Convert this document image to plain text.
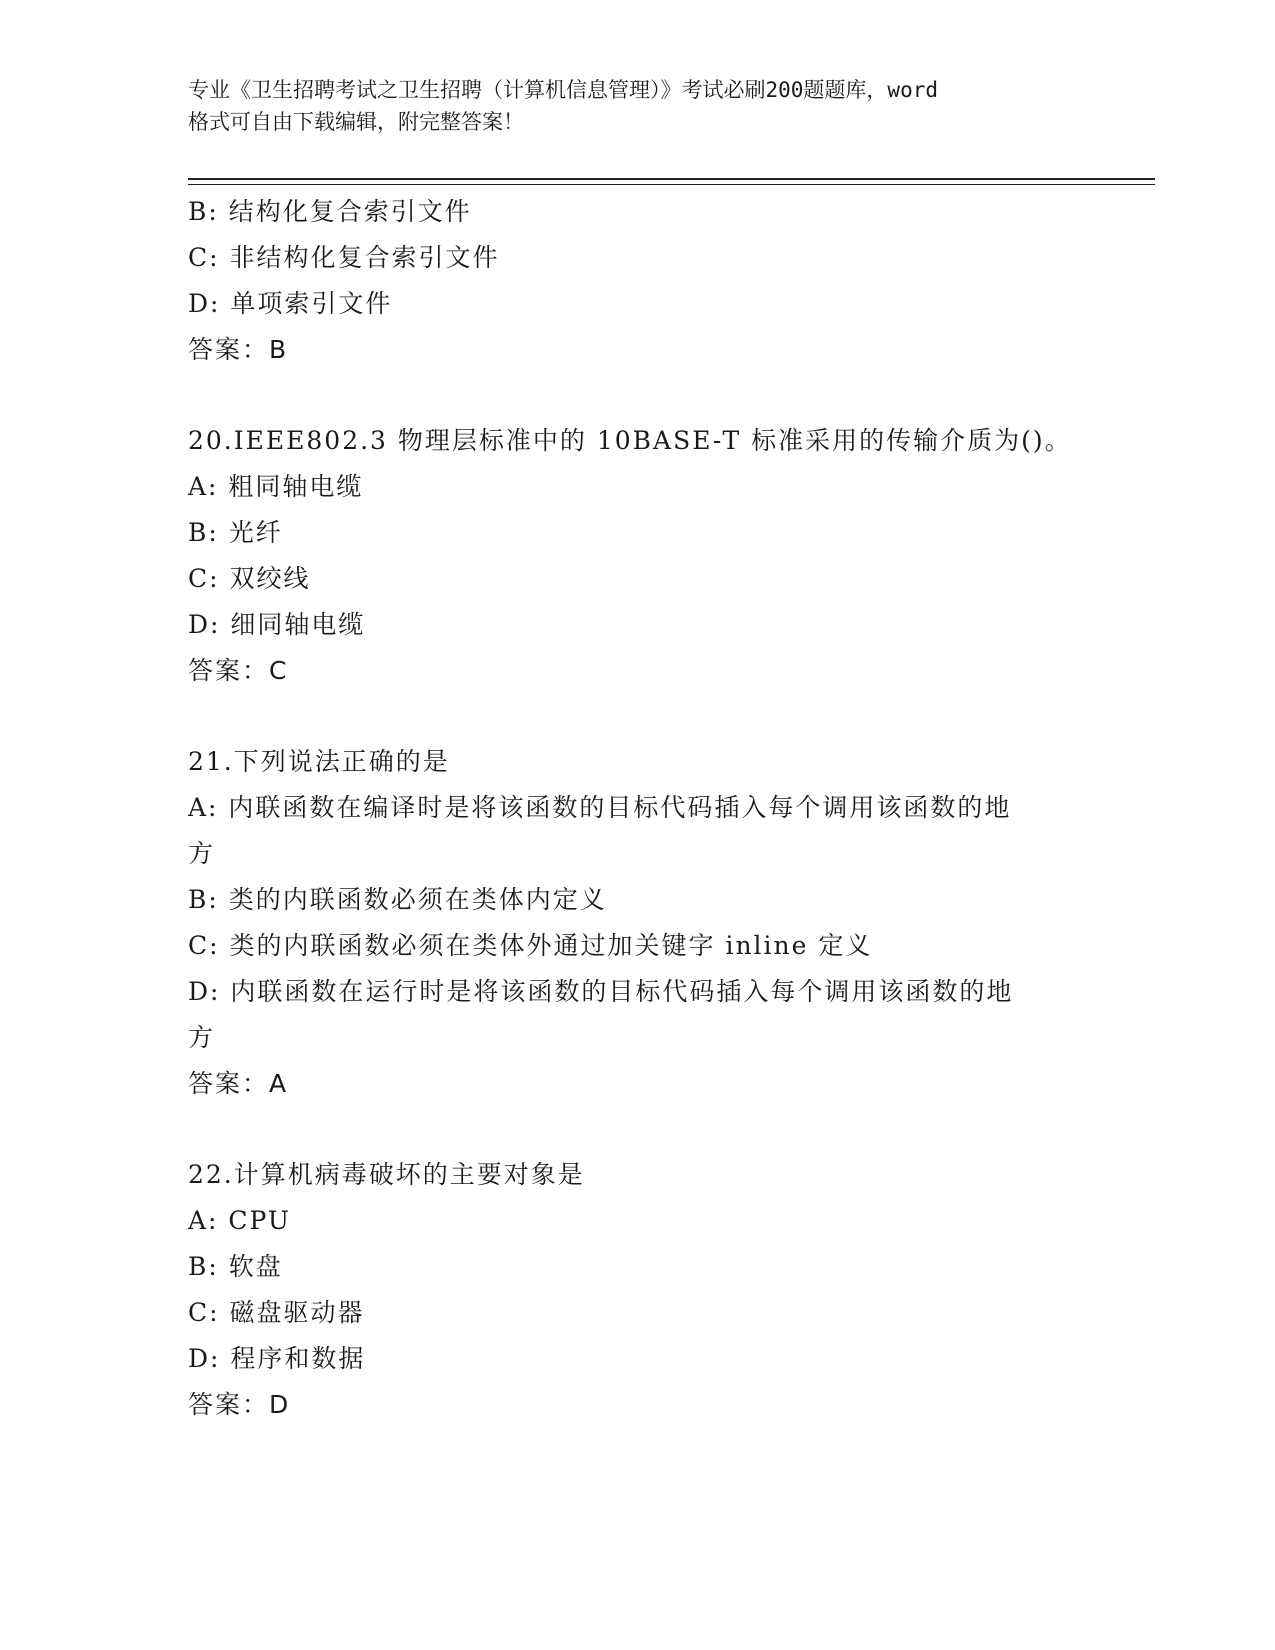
专业《卫生招聘考试之卫生招聘（计算机信息管理）》考试必刷200题题库，word
格式可自由下载编辑，附完整答案！
B: 结构化复合索引文件
C: 非结构化复合索引文件
D: 单项索引文件
答案：B
20.IEEE802.3 物理层标准中的 10BASE-T 标准采用的传输介质为()。
A: 粗同轴电缆
B: 光纤
C: 双绞线
D: 细同轴电缆
答案：C
21.下列说法正确的是
A: 内联函数在编译时是将该函数的目标代码插入每个调用该函数的地
方
B: 类的内联函数必须在类体内定义
C: 类的内联函数必须在类体外通过加关键字 inline 定义
D: 内联函数在运行时是将该函数的目标代码插入每个调用该函数的地
方
答案：A
22.计算机病毒破坏的主要对象是
A: CPU
B: 软盘
C: 磁盘驱动器
D: 程序和数据
答案：D
